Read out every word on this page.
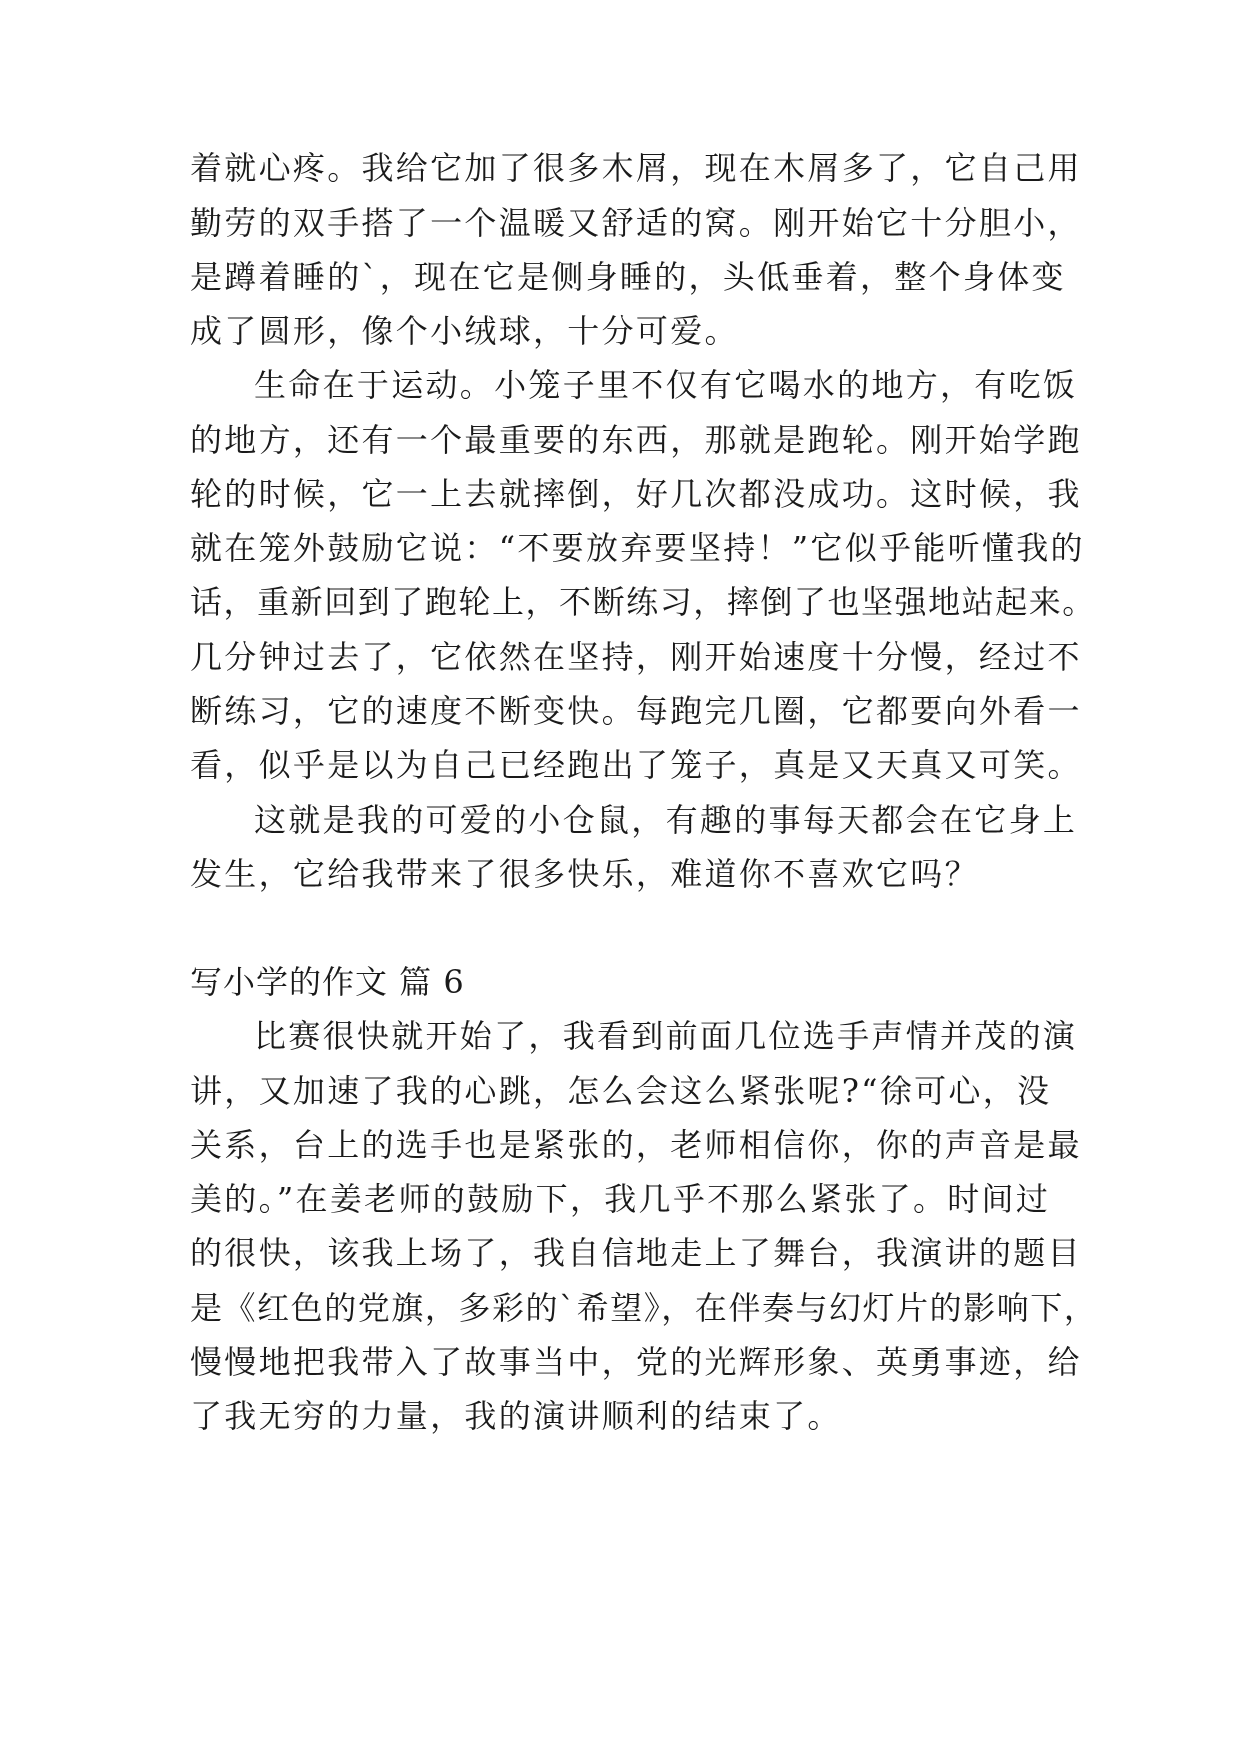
着就心疼。我给它加了很多木屑，现在木屑多了，它自己用
勤劳的双手搭了一个温暖又舒适的窝。刚开始它十分胆小，
是蹲着睡的`，现在它是侧身睡的，头低垂着，整个身体变
成了圆形，像个小绒球，十分可爱。
生命在于运动。小笼子里不仅有它喝水的地方，有吃饭
的地方，还有一个最重要的东西，那就是跑轮。刚开始学跑
轮的时候，它一上去就摔倒，好几次都没成功。这时候，我
就在笼外鼓励它说：“不要放弃要坚持！”它似乎能听懂我的
话，重新回到了跑轮上，不断练习，摔倒了也坚强地站起来。
几分钟过去了，它依然在坚持，刚开始速度十分慢，经过不
断练习，它的速度不断变快。每跑完几圈，它都要向外看一
看，似乎是以为自己已经跑出了笼子，真是又天真又可笑。
这就是我的可爱的小仓鼠，有趣的事每天都会在它身上
发生，它给我带来了很多快乐，难道你不喜欢它吗？
写小学的作文 篇 6
比赛很快就开始了，我看到前面几位选手声情并茂的演
讲，又加速了我的心跳，怎么会这么紧张呢?“徐可心，没
关系，台上的选手也是紧张的，老师相信你，你的声音是最
美的。”在姜老师的鼓励下，我几乎不那么紧张了。时间过
的很快，该我上场了，我自信地走上了舞台，我演讲的题目
是《红色的党旗，多彩的`希望》，在伴奏与幻灯片的影响下，
慢慢地把我带入了故事当中，党的光辉形象、英勇事迹，给
了我无穷的力量，我的演讲顺利的结束了。
